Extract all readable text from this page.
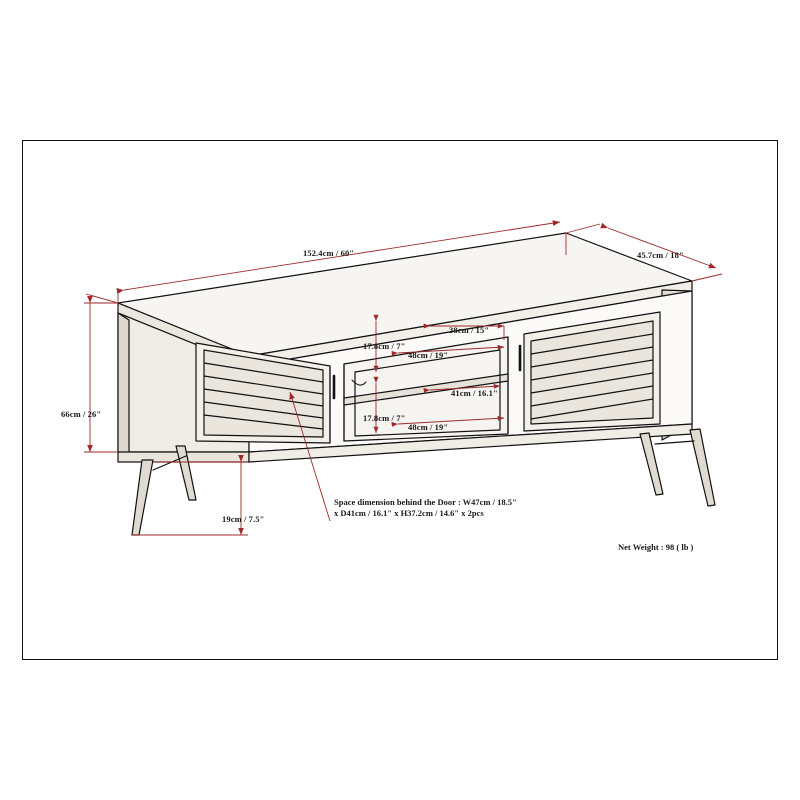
152.4cm / 60"	45.7cm / 18"
66cm / 26"
19cm / 7.5"
38cm / 15"
17.8cm / 7"
48cm / 19"
41cm / 16.1"
17.8cm / 7"
48cm / 19"
Space dimension behind the Door : W47cm / 18.5"
x D41cm / 16.1" x H37.2cm / 14.6" x 2pcs
Net Weight : 98 ( lb )
